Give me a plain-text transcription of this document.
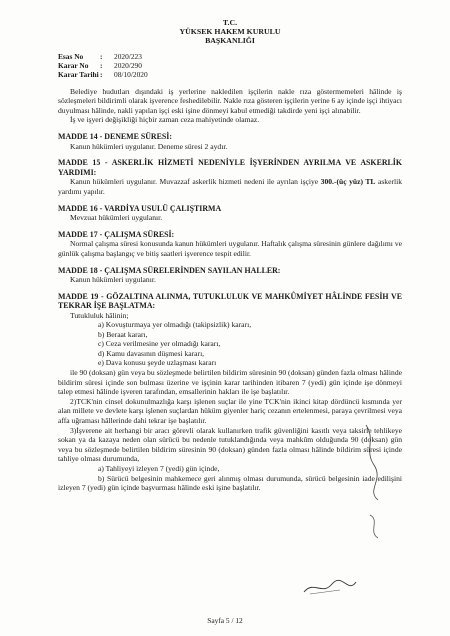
T.C.
YÜKSEK HAKEM KURULU
BAŞKANLIĞI
Esas No	:	2020/223
Karar No	:	2020/290
Karar Tarihi :	08/10/2020

Belediye hudutları dışındaki iş yerlerine nakledilen işçilerin nakle rıza göstermemeleri hâlinde iş sözleşmeleri bildirimli olarak işverence feshedilebilir. Nakle rıza gösteren işçilerin yerine 6 ay içinde işçi ihtiyacı duyulması hâlinde, nakli yapılan işçi eski işine dönmeyi kabul etmediği takdirde yeni işçi alınabilir.

İş ve işyeri değişikliği hiçbir zaman ceza mahiyetinde olamaz.

MADDE 14 - DENEME SÜRESİ:

Kanun hükümleri uygulanır. Deneme süresi 2 aydır.

MADDE 15 - ASKERLİK HİZMETİ NEDENİYLE İŞYERİNDEN AYRILMA VE ASKERLİK YARDIMI:

Kanun hükümleri uygulanır. Muvazzaf askerlik hizmeti nedeni ile ayrılan işçiye 300.-(üç yüz) TL askerlik yardımı yapılır.

MADDE 16 - VARDİYA USULÜ ÇALIŞTIRMA

Mevzuat hükümleri uygulanır.

MADDE 17 - ÇALIŞMA SÜRESİ:

Normal çalışma süresi konusunda kanun hükümleri uygulanır. Haftalık çalışma süresinin günlere dağılımı ve günlük çalışma başlangıç ve bitiş saatleri işverence tespit edilir.

MADDE 18 - ÇALIŞMA SÜRELERİNDEN SAYILAN HALLER:

Kanun hükümleri uygulanır.

MADDE 19 - GÖZALTINA ALINMA, TUTUKLULUK VE MAHKÛMİYET HÂLİNDE FESİH VE TEKRAR İŞE BAŞLATMA:

Tutukluluk hâlinin;

a) Kovuşturmaya yer olmadığı (takipsizlik) kararı,
b) Beraat kararı,
c) Ceza verilmesine yer olmadığı kararı,
d) Kamu davasının düşmesi kararı,
e) Dava konusu şeyde uzlaşması kararı

ile 90 (doksan) gün veya bu sözleşmede belirtilen bildirim süresinin 90 (doksan) günden fazla olması hâlinde bildirim süresi içinde son bulması üzerine ve işçinin karar tarihinden itibaren 7 (yedi) gün içinde işe dönmeyi talep etmesi hâlinde işveren tarafından, emsallerinin hakları ile işe başlatılır.

2)TCK'nin cinsel dokunulmazlığa karşı işlenen suçlar ile yine TCK'nin ikinci kitap dördüncü kısmında yer alan millete ve devlete karşı işlenen suçlardan hüküm giyenler hariç cezanın ertelenmesi, paraya çevrilmesi veya affa uğraması hâllerinde dahi tekrar işe başlatılır.

3)İşverene ait herhangi bir aracı görevli olarak kullanırken trafik güvenliğini kasıtlı veya taksirle tehlikeye sokan ya da kazaya neden olan sürücü bu nedenle tutuklandığında veya mahkûm olduğunda 90 (doksan) gün veya bu sözleşmede belirtilen bildirim süresinin 90 (doksan) günden fazla olması hâlinde bildirim süresi içinde tahliye olması durumunda,

a) Tahliyeyi izleyen 7 (yedi) gün içinde,

b) Sürücü belgesinin mahkemece geri alınmış olması durumunda, sürücü belgesinin iade edilişini izleyen 7 (yedi) gün içinde başvurması hâlinde eski işine başlatılır.

Sayfa 5 / 12
